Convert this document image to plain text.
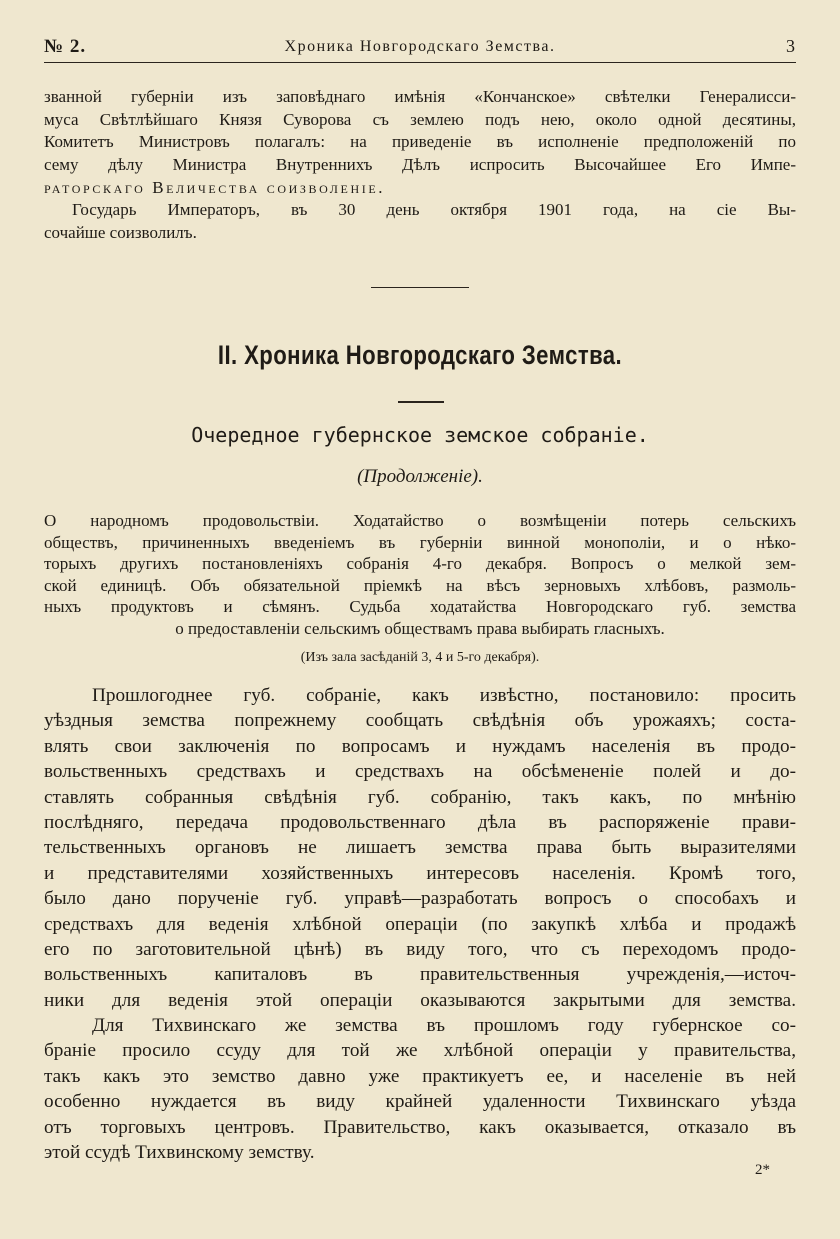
№ 2.	Хроника Новгородскаго Земства.	3
званной губерніи изъ заповѣднаго имѣнія «Кончанское» свѣтелки Генералисси-
муса Свѣтлѣйшаго Князя Суворова съ землею подъ нею, около одной десятины,
Комитетъ Министровъ полагалъ: на приведеніе въ исполненіе предположеній по
сему дѣлу Министра Внутреннихъ Дѣлъ испросить Высочайшее Его Импе-
раторскаго Величества соизволеніе.
Государь Императоръ, въ 30 день октября 1901 года, на сіе Вы-
сочайше соизволилъ.
II. Хроника Новгородскаго Земства.
Очередное губернское земское собраніе.
(Продолженіе).
О народномъ продовольствіи. Ходатайство о возмѣщеніи потерь сельскихъ
обществъ, причиненныхъ введеніемъ въ губерніи винной монополіи, и о нѣко-
торыхъ другихъ постановленіяхъ собранія 4-го декабря. Вопросъ о мелкой зем-
ской единицѣ. Объ обязательной пріемкѣ на вѣсъ зерновыхъ хлѣбовъ, размоль-
ныхъ продуктовъ и сѣмянъ. Судьба ходатайства Новгородскаго губ. земства
о предоставленіи сельскимъ обществамъ права выбирать гласныхъ.
(Изъ зала засѣданій 3, 4 и 5-го декабря).
Прошлогоднее губ. собраніе, какъ извѣстно, постановило: просить
уѣздныя земства попрежнему сообщать свѣдѣнія объ урожаяхъ; соста-
влять свои заключенія по вопросамъ и нуждамъ населенія въ продо-
вольственныхъ средствахъ и средствахъ на обсѣмененіе полей и до-
ставлять собранныя свѣдѣнія губ. собранію, такъ какъ, по мнѣнію
послѣдняго, передача продовольственнаго дѣла въ распоряженіе прави-
тельственныхъ органовъ не лишаетъ земства права быть выразителями
и представителями хозяйственныхъ интересовъ населенія. Кромѣ того,
было дано порученіе губ. управѣ—разработать вопросъ о способахъ и
средствахъ для веденія хлѣбной операціи (по закупкѣ хлѣба и продажѣ
его по заготовительной цѣнѣ) въ виду того, что съ переходомъ продо-
вольственныхъ капиталовъ въ правительственныя учрежденія,—источ-
ники для веденія этой операціи оказываются закрытыми для земства.
Для Тихвинскаго же земства въ прошломъ году губернское со-
браніе просило ссуду для той же хлѣбной операціи у правительства,
такъ какъ это земство давно уже практикуетъ ее, и населеніе въ ней
особенно нуждается въ виду крайней удаленности Тихвинскаго уѣзда
отъ торговыхъ центровъ. Правительство, какъ оказывается, отказало въ
этой ссудѣ Тихвинскому земству.
2*
